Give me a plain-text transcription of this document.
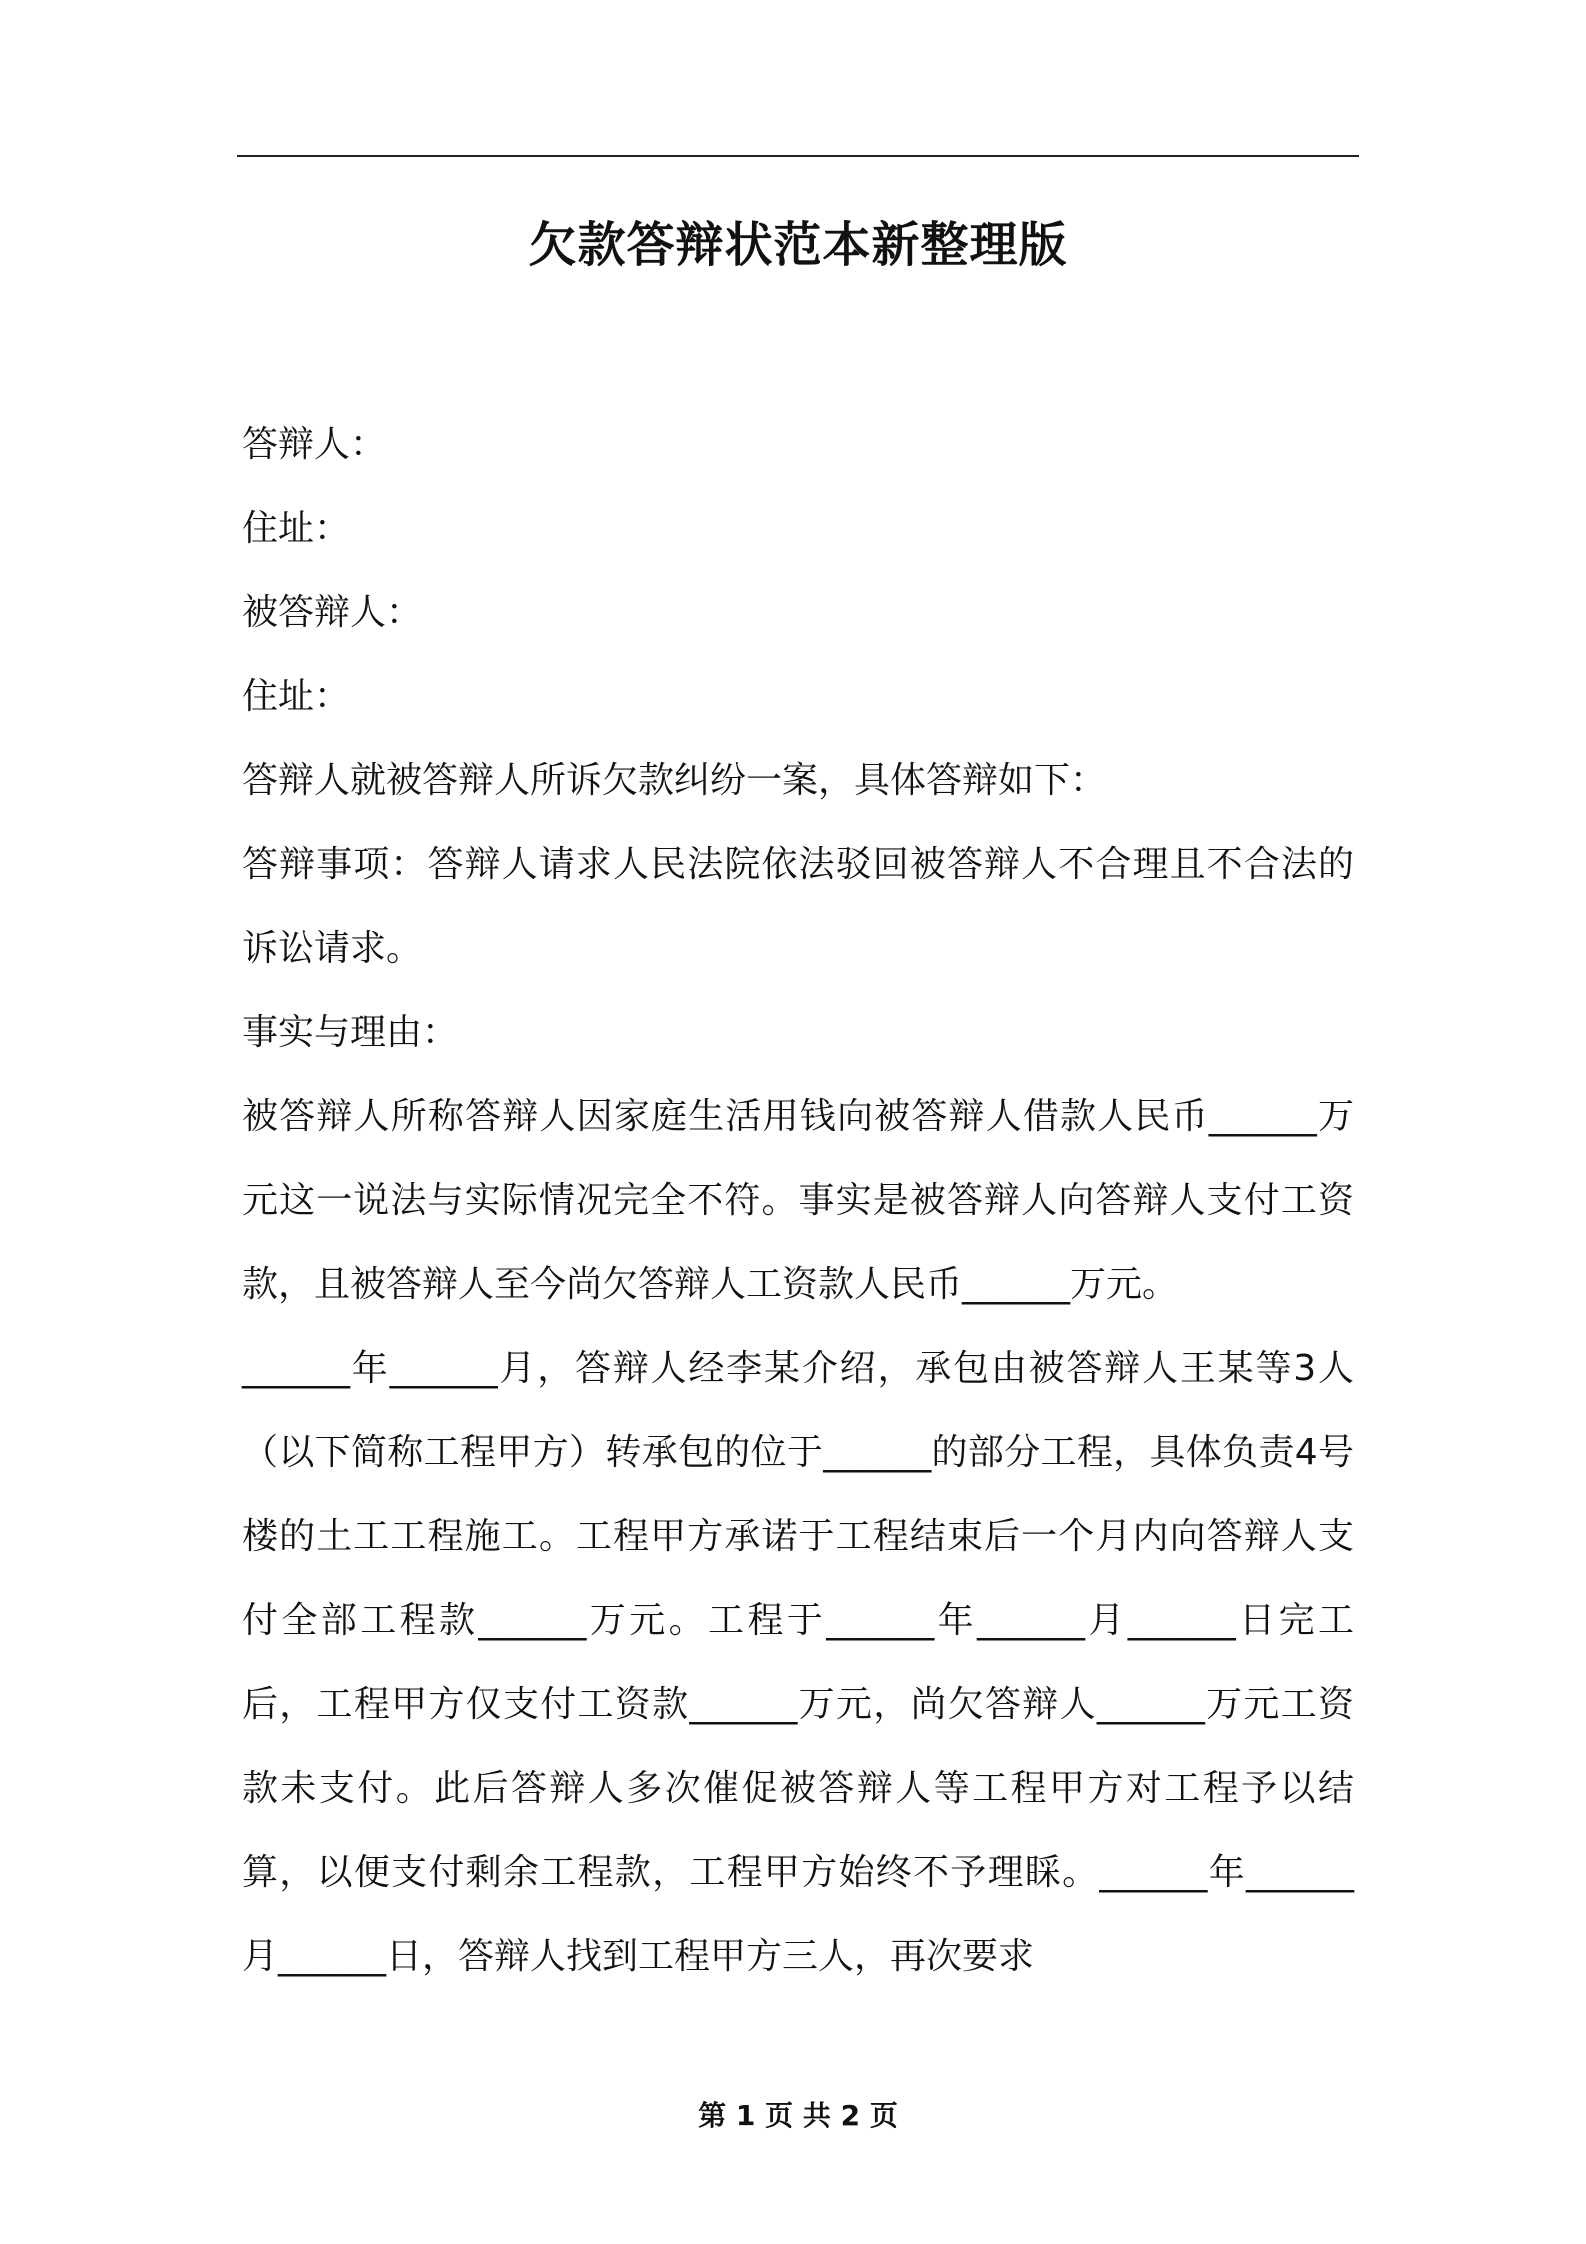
欠款答辩状范本新整理版

答辩人：

住址：

被答辩人：

住址：

答辩人就被答辩人所诉欠款纠纷一案，具体答辩如下：

答辩事项：答辩人请求人民法院依法驳回被答辩人不合理且不合法的诉讼请求。

事实与理由：

被答辩人所称答辩人因家庭生活用钱向被答辩人借款人民币______万元这一说法与实际情况完全不符。事实是被答辩人向答辩人支付工资款，且被答辩人至今尚欠答辩人工资款人民币______万元。

______年______月，答辩人经李某介绍，承包由被答辩人王某等3人（以下简称工程甲方）转承包的位于______的部分工程，具体负责4号楼的土工工程施工。工程甲方承诺于工程结束后一个月内向答辩人支付全部工程款______万元。工程于______年______月______日完工后，工程甲方仅支付工资款______万元，尚欠答辩人______万元工资款未支付。此后答辩人多次催促被答辩人等工程甲方对工程予以结算，以便支付剩余工程款，工程甲方始终不予理睬。______年______月______日，答辩人找到工程甲方三人，再次要求

第 1 页 共 2 页
